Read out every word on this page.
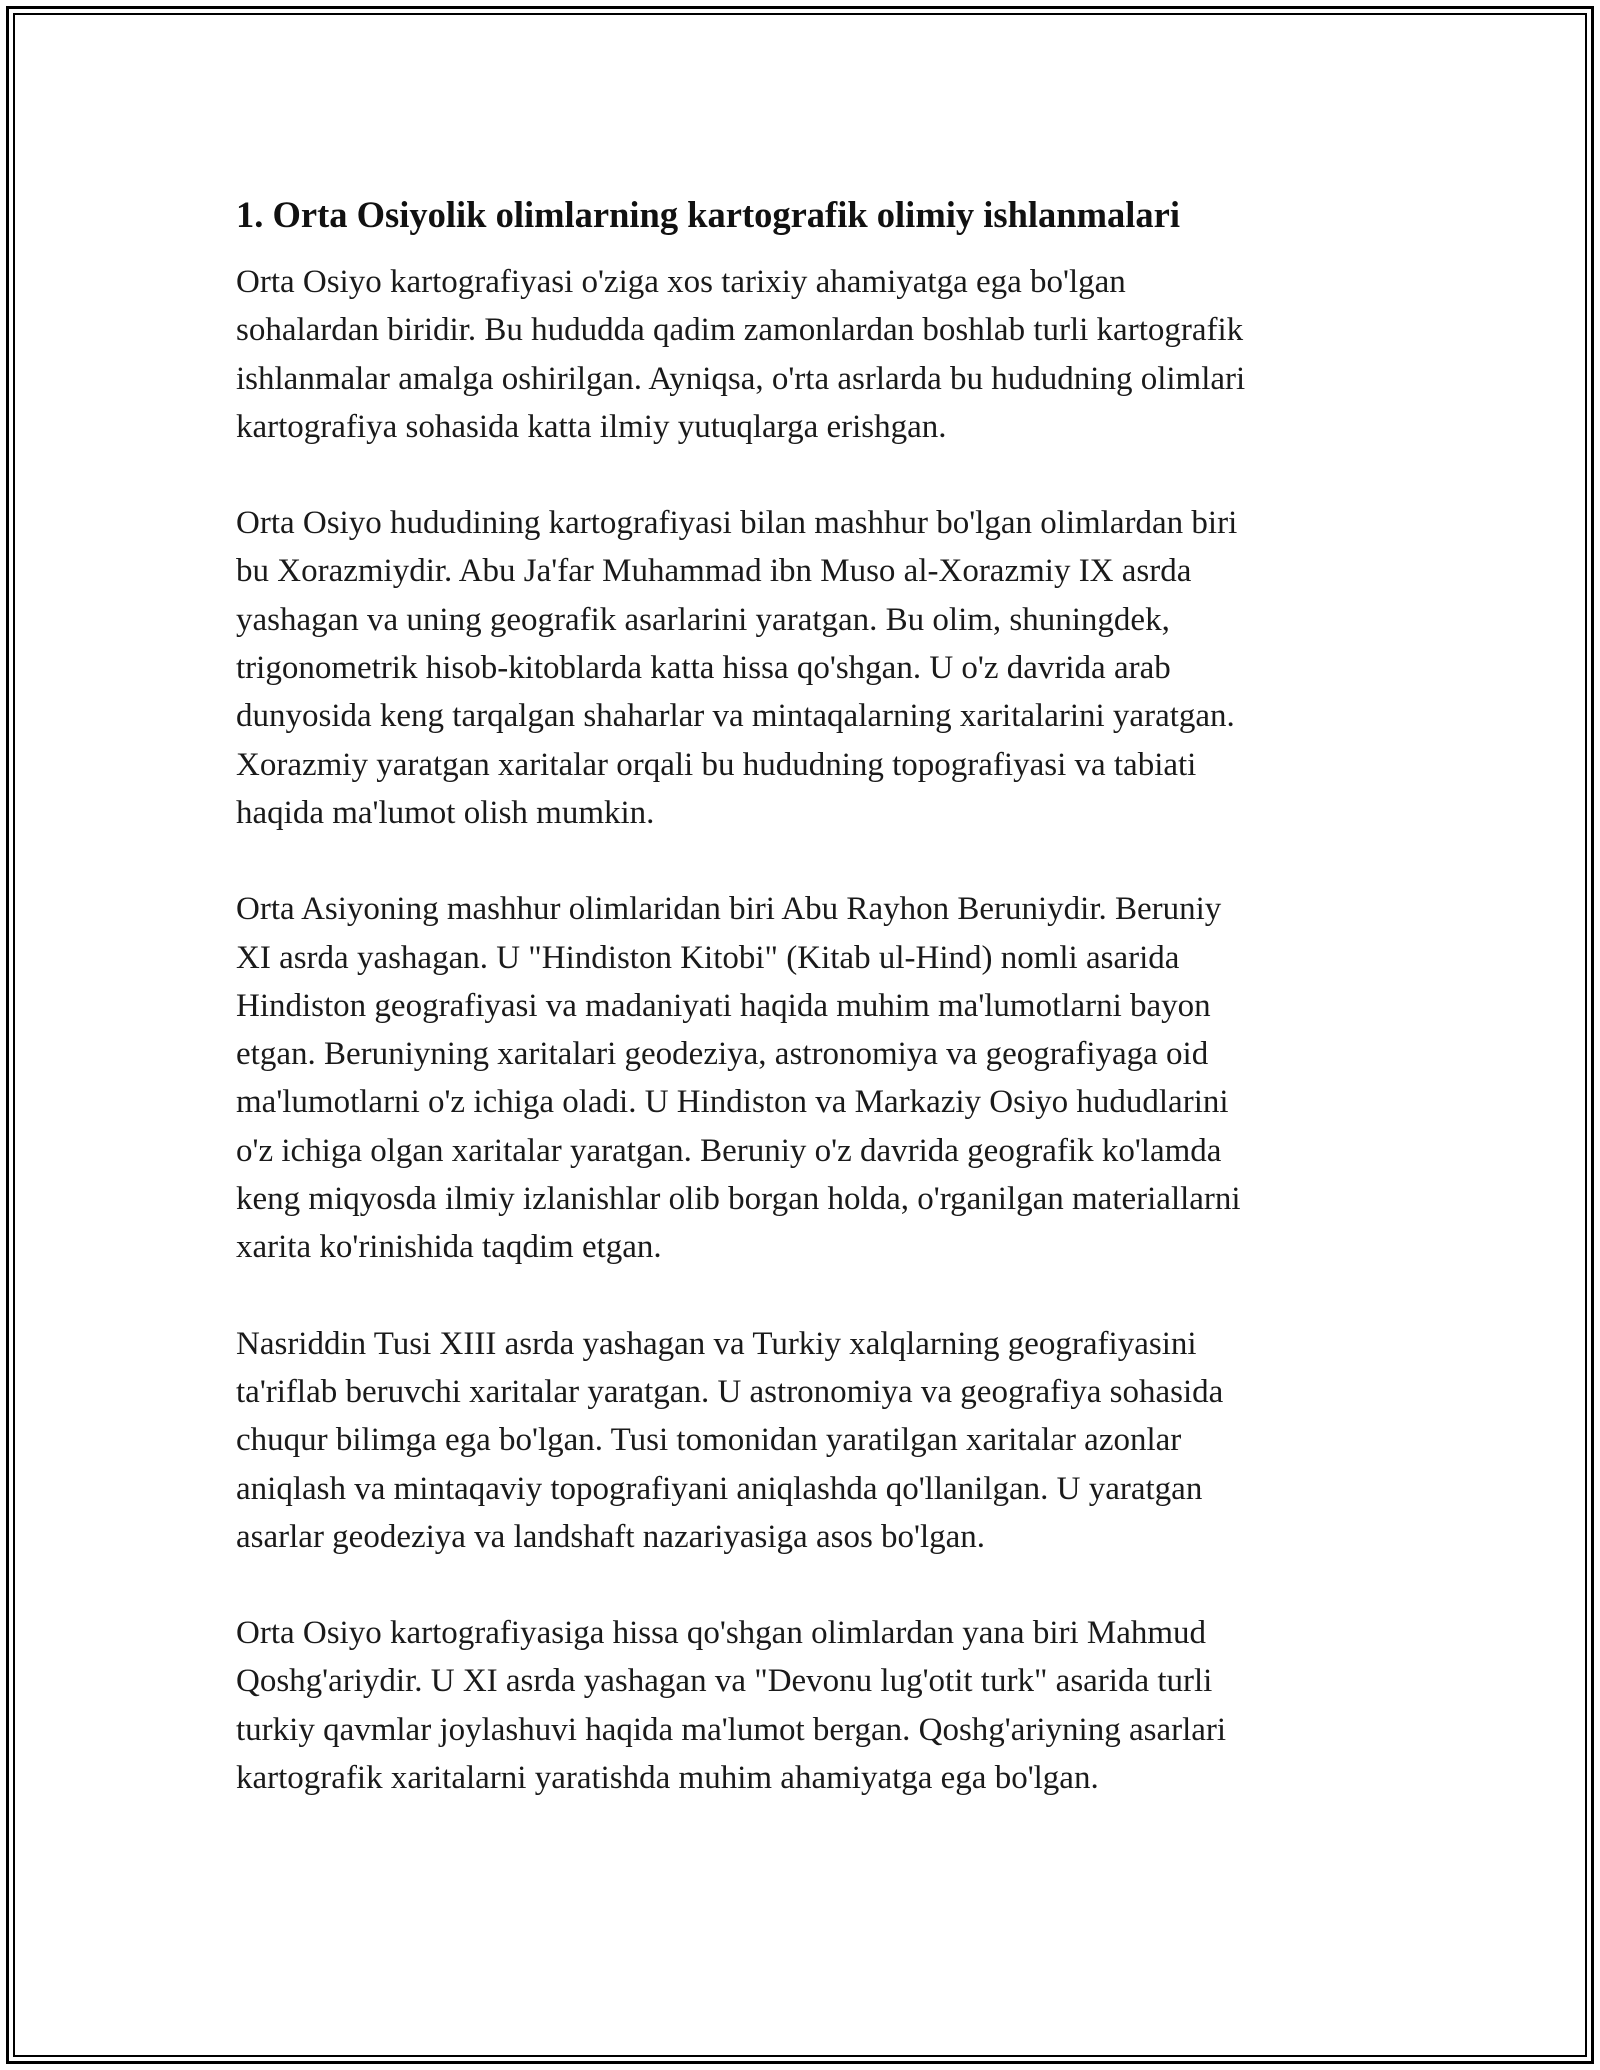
1. Orta Osiyolik olimlarning kartografik olimiy ishlanmalari
Orta Osiyo kartografiyasi o'ziga xos tarixiy ahamiyatga ega bo'lgan
sohalardan biridir. Bu hududda qadim zamonlardan boshlab turli kartografik
ishlanmalar amalga oshirilgan. Ayniqsa, o'rta asrlarda bu hududning olimlari
kartografiya sohasida katta ilmiy yutuqlarga erishgan.
Orta Osiyo hududining kartografiyasi bilan mashhur bo'lgan olimlardan biri
bu Xorazmiydir. Abu Ja'far Muhammad ibn Muso al-Xorazmiy IX asrda
yashagan va uning geografik asarlarini yaratgan. Bu olim, shuningdek,
trigonometrik hisob-kitoblarda katta hissa qo'shgan. U o'z davrida arab
dunyosida keng tarqalgan shaharlar va mintaqalarning xaritalarini yaratgan.
Xorazmiy yaratgan xaritalar orqali bu hududning topografiyasi va tabiati
haqida ma'lumot olish mumkin.
Orta Asiyoning mashhur olimlaridan biri Abu Rayhon Beruniydir. Beruniy
XI asrda yashagan. U "Hindiston Kitobi" (Kitab ul-Hind) nomli asarida
Hindiston geografiyasi va madaniyati haqida muhim ma'lumotlarni bayon
etgan. Beruniyning xaritalari geodeziya, astronomiya va geografiyaga oid
ma'lumotlarni o'z ichiga oladi. U Hindiston va Markaziy Osiyo hududlarini
o'z ichiga olgan xaritalar yaratgan. Beruniy o'z davrida geografik ko'lamda
keng miqyosda ilmiy izlanishlar olib borgan holda, o'rganilgan materiallarni
xarita ko'rinishida taqdim etgan.
Nasriddin Tusi XIII asrda yashagan va Turkiy xalqlarning geografiyasini
ta'riflab beruvchi xaritalar yaratgan. U astronomiya va geografiya sohasida
chuqur bilimga ega bo'lgan. Tusi tomonidan yaratilgan xaritalar azonlar
aniqlash va mintaqaviy topografiyani aniqlashda qo'llanilgan. U yaratgan
asarlar geodeziya va landshaft nazariyasiga asos bo'lgan.
Orta Osiyo kartografiyasiga hissa qo'shgan olimlardan yana biri Mahmud
Qoshg'ariydir. U XI asrda yashagan va "Devonu lug'otit turk" asarida turli
turkiy qavmlar joylashuvi haqida ma'lumot bergan. Qoshg'ariyning asarlari
kartografik xaritalarni yaratishda muhim ahamiyatga ega bo'lgan.
